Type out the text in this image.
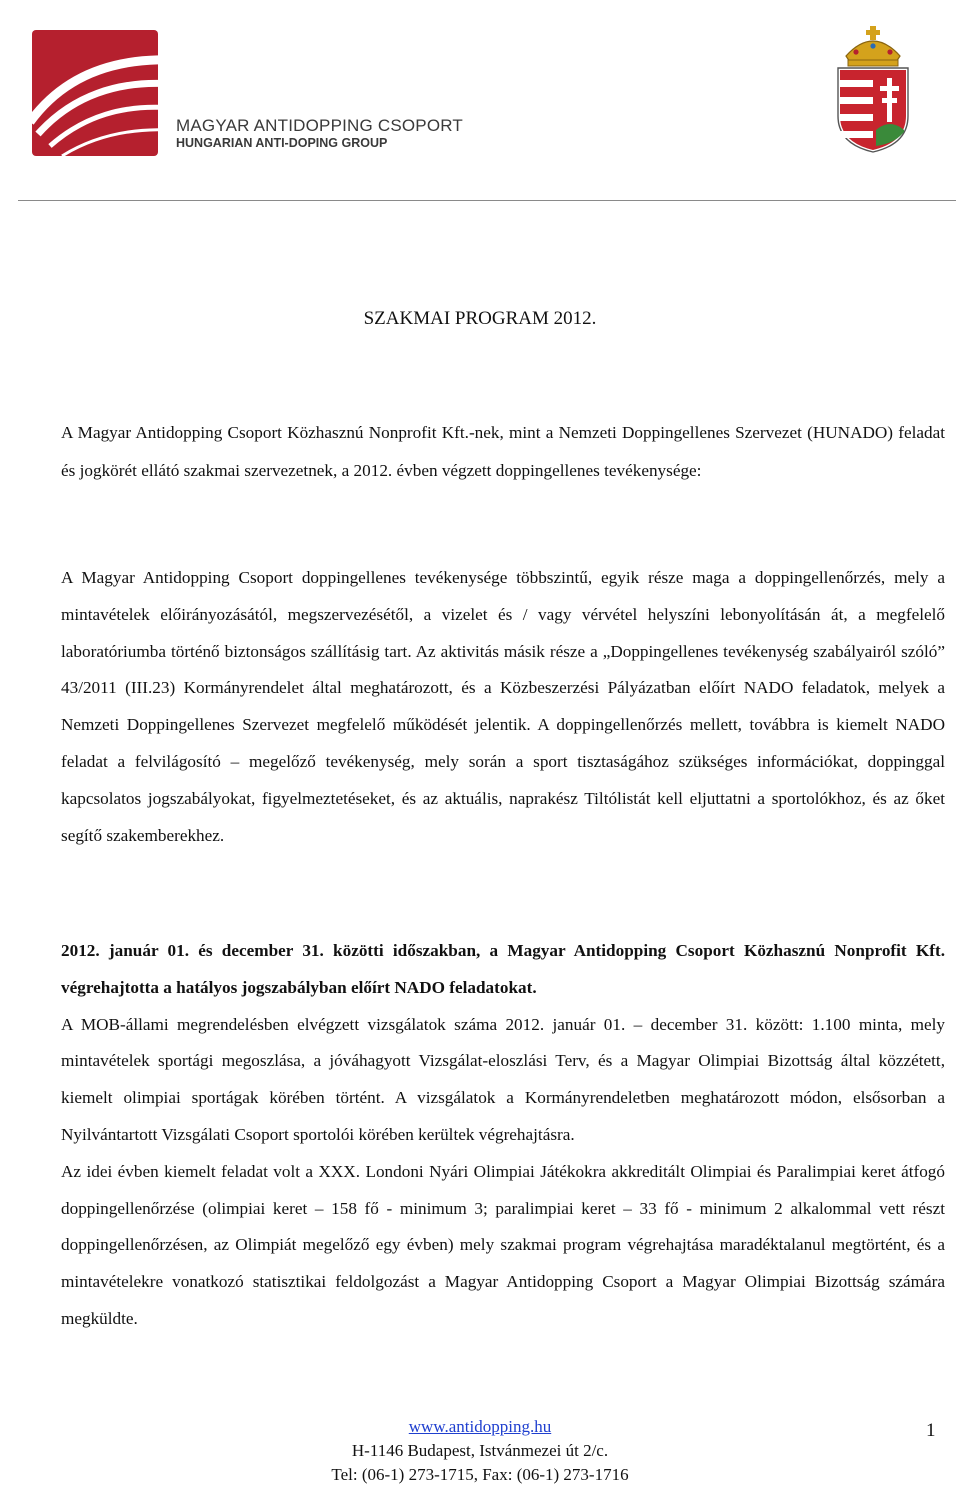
MAGYAR ANTIDOPPING CSOPORT
HUNGARIAN ANTI-DOPING GROUP
SZAKMAI PROGRAM 2012.

A Magyar Antidopping Csoport Közhasznú Nonprofit Kft.-nek, mint a Nemzeti Doppingellenes Szervezet (HUNADO) feladat és jogkörét ellátó szakmai szervezetnek, a 2012. évben végzett doppingellenes tevékenysége:

A Magyar Antidopping Csoport doppingellenes tevékenysége többszintű, egyik része maga a doppingellenőrzés, mely a mintavételek előirányozásától, megszervezésétől, a vizelet és / vagy vérvétel helyszíni lebonyolításán át, a megfelelő laboratóriumba történő biztonságos szállításig tart. Az aktivitás másik része a „Doppingellenes tevékenység szabályairól szóló” 43/2011 (III.23) Kormányrendelet által meghatározott, és a Közbeszerzési Pályázatban előírt NADO feladatok, melyek a Nemzeti Doppingellenes Szervezet megfelelő működését jelentik. A doppingellenőrzés mellett, továbbra is kiemelt NADO feladat a felvilágosító – megelőző tevékenység, mely során a sport tisztaságához szükséges információkat, doppinggal kapcsolatos jogszabályokat, figyelmeztetéseket, és az aktuális, naprakész Tiltólistát kell eljuttatni a sportolókhoz, és az őket segítő szakemberekhez.

2012. január 01. és december 31. közötti időszakban, a Magyar Antidopping Csoport Közhasznú Nonprofit Kft. végrehajtotta a hatályos jogszabályban előírt NADO feladatokat.

A MOB-állami megrendelésben elvégzett vizsgálatok száma 2012. január 01. – december 31. között: 1.100 minta, mely mintavételek sportági megoszlása, a jóváhagyott Vizsgálat-eloszlási Terv, és a Magyar Olimpiai Bizottság által közzétett, kiemelt olimpiai sportágak körében történt. A vizsgálatok a Kormányrendeletben meghatározott módon, elsősorban a Nyilvántartott Vizsgálati Csoport sportolói körében kerültek végrehajtásra.

Az idei évben kiemelt feladat volt a XXX. Londoni Nyári Olimpiai Játékokra akkreditált Olimpiai és Paralimpiai keret átfogó doppingellenőrzése (olimpiai keret – 158 fő - minimum 3; paralimpiai keret – 33 fő - minimum 2 alkalommal vett részt doppingellenőrzésen, az Olimpiát megelőző egy évben) mely szakmai program végrehajtása maradéktalanul megtörtént, és a mintavételekre vonatkozó statisztikai feldolgozást a Magyar Antidopping Csoport a Magyar Olimpiai Bizottság számára megküldte.

www.antidopping.hu
H-1146 Budapest, Istvánmezei út 2/c.
Tel: (06-1) 273-1715, Fax: (06-1) 273-1716
1
